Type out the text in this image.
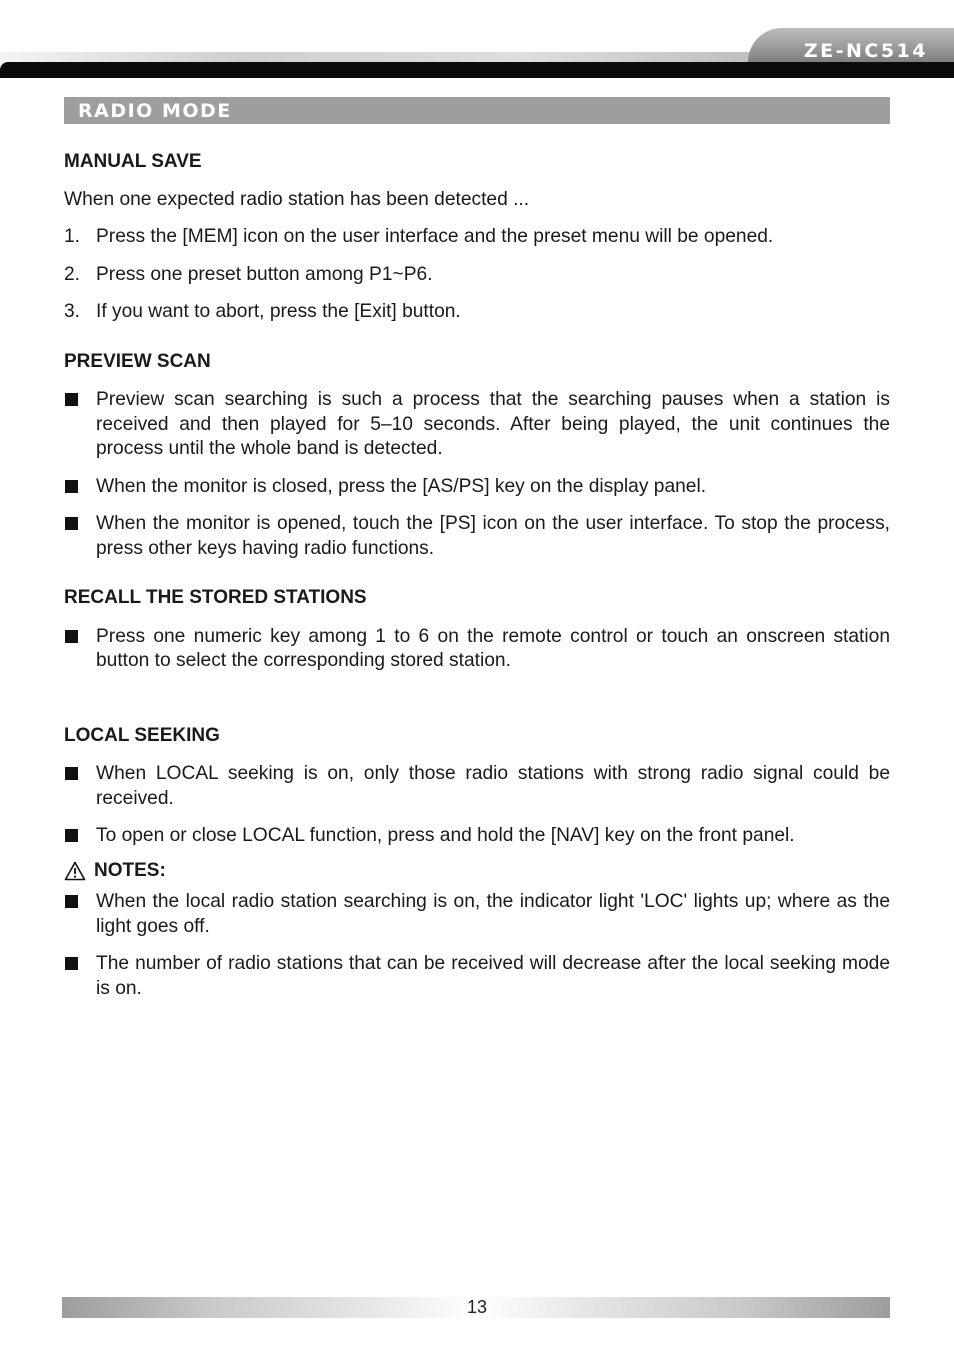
ZE-NC514
RADIO MODE

MANUAL SAVE

When one expected radio station has been detected ...

1. Press the [MEM] icon on the user interface and the preset menu will be opened.
2. Press one preset button among P1~P6.
3. If you want to abort, press the [Exit] button.

PREVIEW SCAN

Preview scan searching is such a process that the searching pauses when a station is received and then played for 5–10 seconds. After being played, the unit continues the process until the whole band is detected.
When the monitor is closed, press the [AS/PS] key on the display panel.
When the monitor is opened, touch the [PS] icon on the user interface. To stop the process, press other keys having radio functions.

RECALL THE STORED STATIONS

Press one numeric key among 1 to 6 on the remote control or touch an onscreen station button to select the corresponding stored station.

LOCAL SEEKING

When LOCAL seeking is on, only those radio stations with strong radio signal could be received.
To open or close LOCAL function, press and hold the [NAV] key on the front panel.
NOTES:
When the local radio station searching is on, the indicator light 'LOC' lights up; where as the light goes off.
The number of radio stations that can be received will decrease after the local seeking mode is on.
13
